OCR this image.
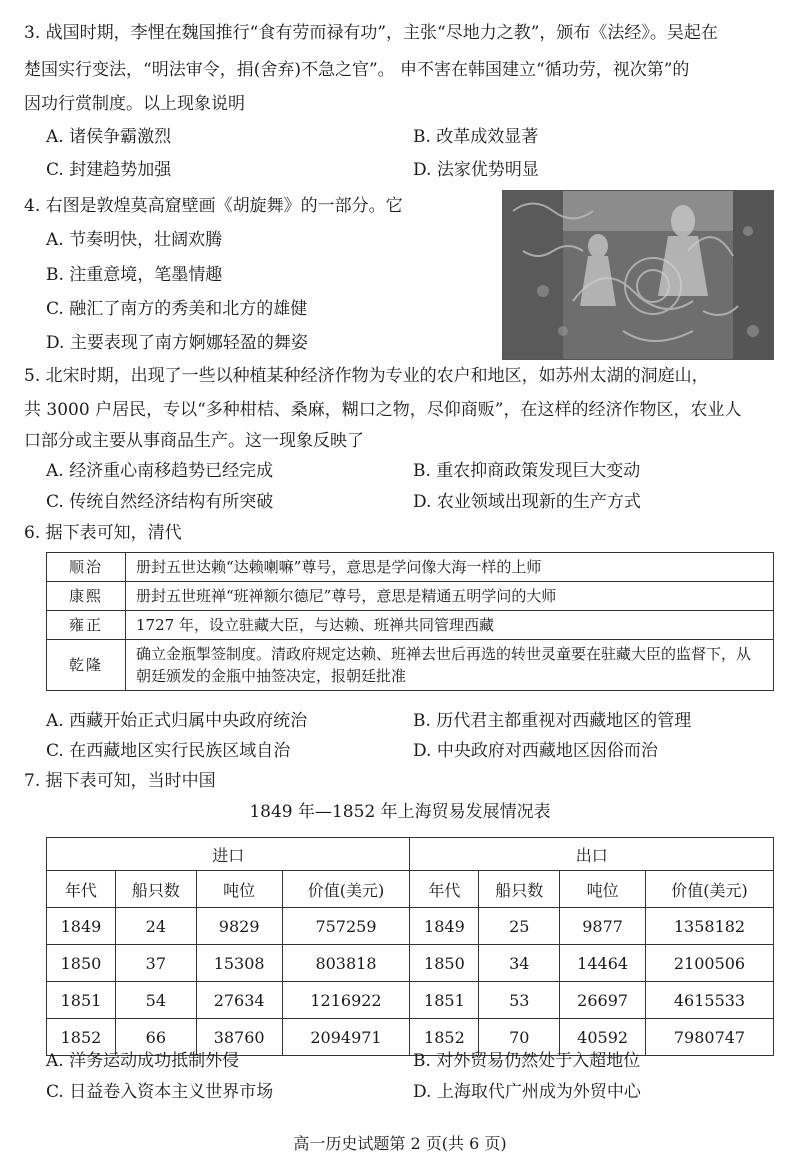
3. 战国时期，李悝在魏国推行“食有劳而禄有功”，主张“尽地力之教”，颁布《法经》。吴起在
楚国实行变法，“明法审令，捐(舍弃)不急之官”。 申不害在韩国建立“循功劳，视次第”的
因功行赏制度。以上现象说明
A. 诸侯争霸激烈	B. 改革成效显著
C. 封建趋势加强	D. 法家优势明显
4. 右图是敦煌莫高窟壁画《胡旋舞》的一部分。它
A. 节奏明快，壮阔欢腾
B. 注重意境，笔墨情趣
C. 融汇了南方的秀美和北方的雄健
D. 主要表现了南方婀娜轻盈的舞姿
5. 北宋时期，出现了一些以种植某种经济作物为专业的农户和地区，如苏州太湖的洞庭山，
共 3000 户居民，专以“多种柑桔、桑麻，糊口之物，尽仰商贩”，在这样的经济作物区，农业人
口部分或主要从事商品生产。这一现象反映了
A. 经济重心南移趋势已经完成	B. 重农抑商政策发现巨大变动
C. 传统自然经济结构有所突破	D. 农业领域出现新的生产方式
6. 据下表可知，清代
顺治	册封五世达赖“达赖喇嘛”尊号，意思是学问像大海一样的上师
康熙	册封五世班禅“班禅额尔德尼”尊号，意思是精通五明学问的大师
雍正	1727 年，设立驻藏大臣，与达赖、班禅共同管理西藏
乾隆	确立金瓶掣签制度。清政府规定达赖、班禅去世后再选的转世灵童要在驻藏大臣的监督下，从朝廷颁发的金瓶中抽签决定，报朝廷批准
A. 西藏开始正式归属中央政府统治	B. 历代君主都重视对西藏地区的管理
C. 在西藏地区实行民族区域自治	D. 中央政府对西藏地区因俗而治
7. 据下表可知，当时中国
1849 年—1852 年上海贸易发展情况表
进口				出口			
年代	船只数	吨位	价值(美元)	年代	船只数	吨位	价值(美元)
1849	24	9829	757259	1849	25	9877	1358182
1850	37	15308	803818	1850	34	14464	2100506
1851	54	27634	1216922	1851	53	26697	4615533
1852	66	38760	2094971	1852	70	40592	7980747
A. 洋务运动成功抵制外侵	B. 对外贸易仍然处于入超地位
C. 日益卷入资本主义世界市场	D. 上海取代广州成为外贸中心
高一历史试题第 2 页(共 6 页)
